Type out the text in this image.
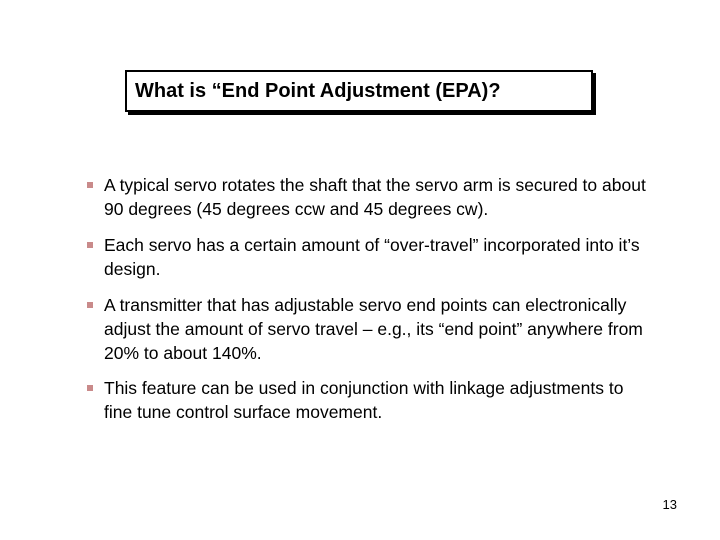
What is “End Point Adjustment (EPA)?
A typical servo rotates the shaft that the servo arm is secured to about 90 degrees (45 degrees ccw and 45 degrees cw).
Each servo has a certain amount of “over-travel” incorporated into it’s design.
A transmitter that has adjustable servo end points can electronically adjust the amount of servo travel – e.g., its “end point” anywhere from 20% to about 140%.
This feature can be used in conjunction with linkage adjustments to fine tune control surface movement.
13
